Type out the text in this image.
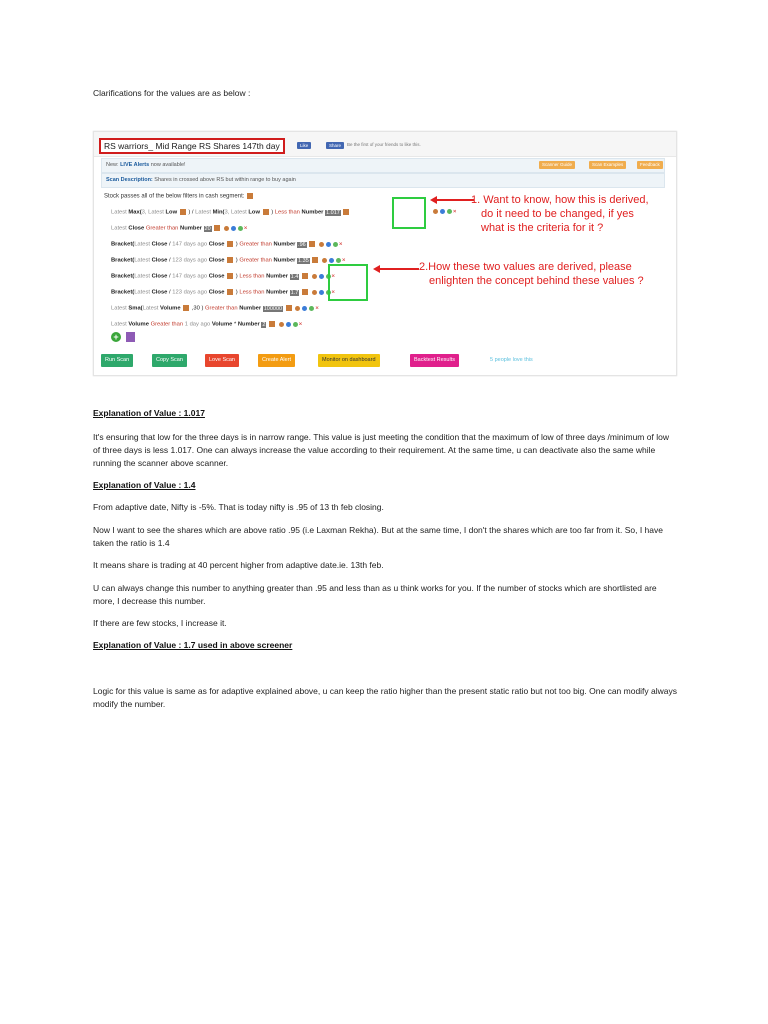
Clarifications for the values are as below :
RS warriors_ Mid Range RS Shares 147th day	Like	Share	Be the first of your friends to like this.
New: LIVE Alerts now available!	Scanner Guide	Scan Examples	Feedback
Scan Description: Shares in crossed above RS but within range to buy again
Stock passes all of the below filters in cash segment:
Latest Max(3, Latest Low ) / Latest Min(3, Latest Low ) Less than Number 1.017	×
Latest Close Greater than Number 20	×
Bracket(Latest Close / 147 days ago Close ) Greater than Number .96	×
Bracket(Latest Close / 123 days ago Close ) Greater than Number 1.35	×
Bracket(Latest Close / 147 days ago Close ) Less than Number 1.4	×
Bracket(Latest Close / 123 days ago Close ) Less than Number 1.7	×
Latest Sma(Latest Volume ,30 ) Greater than Number 100000	×
Latest Volume Greater than 1 day ago Volume * Number 2	×
1. Want to know, how this is derived,
do it need to be changed, if yes
what is the criteria for it ?
2.How these two values are derived, please
enlighten the concept behind these values ?
+
Run Scan	Copy Scan	Love Scan	Create Alert	Monitor on dashboard	Backtest Results	5 people love this
Explanation of Value : 1.017
It's ensuring that low for the three days is in narrow range. This value is just meeting the condition that the maximum of low of three days /minimum of low of three days is less 1.017. One can always increase the value according to their requirement. At the same time, u can deactivate also the same while running the scanner above scanner.
Explanation of Value : 1.4
From adaptive date, Nifty is -5%. That is today nifty is .95 of 13 th feb closing.
Now I want to see the shares which are above ratio .95 (i.e Laxman Rekha). But at the same time, I don't the shares which are too far from it. So, I have taken the ratio is 1.4
It means share is trading at 40 percent higher from adaptive date.ie. 13th feb.
U can always change this number to anything greater than .95 and less than as u think works for you. If the number of stocks which are shortlisted are more, I decrease this number.
If there are few stocks, I increase it.
Explanation of Value : 1.7 used in above screener
Logic for this value is same as for adaptive explained above, u can keep the ratio higher than the present static ratio but not too big. One can modify always modify the number.
